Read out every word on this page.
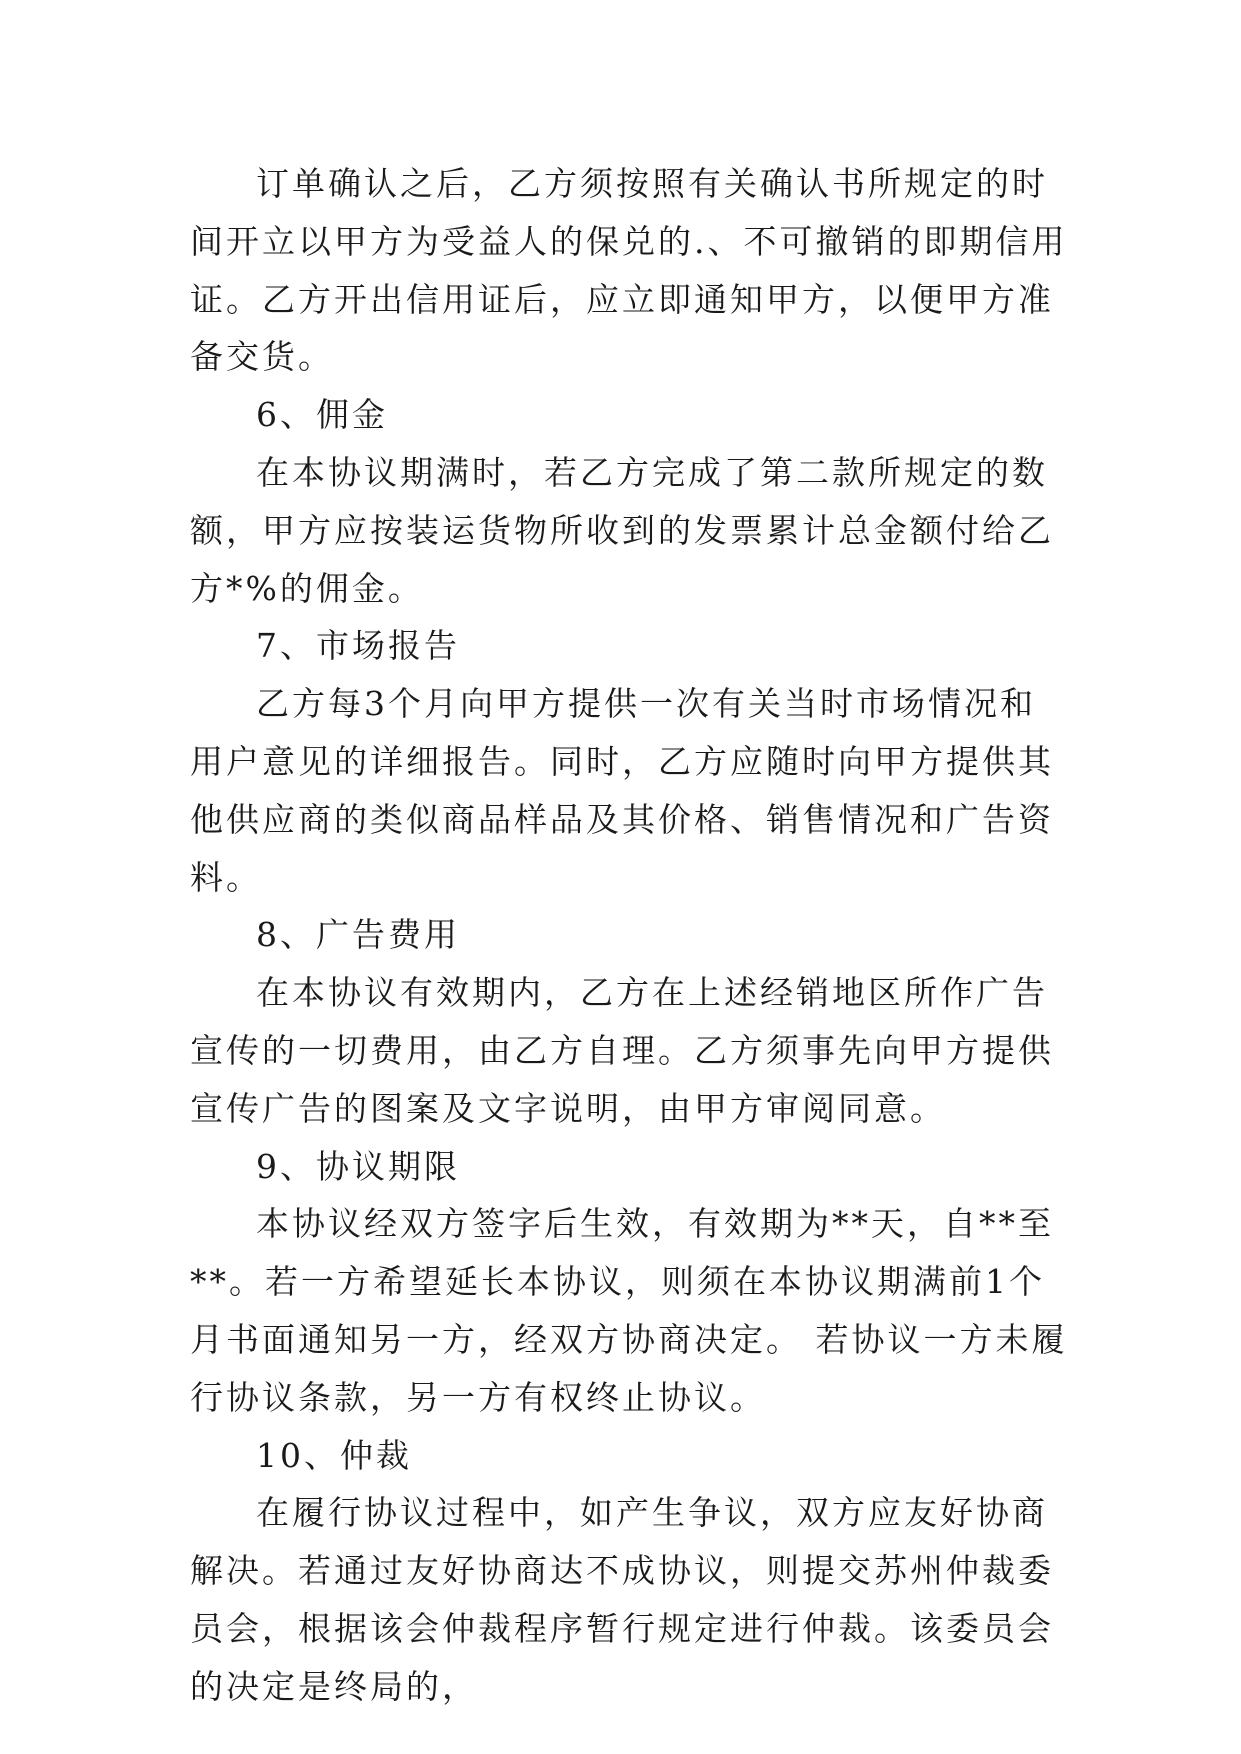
订单确认之后，乙方须按照有关确认书所规定的时间开立以甲方为受益人的保兑的.、不可撤销的即期信用证。乙方开出信用证后，应立即通知甲方，以便甲方准备交货。

6、佣金

在本协议期满时，若乙方完成了第二款所规定的数额，甲方应按装运货物所收到的发票累计总金额付给乙方*%的佣金。

7、市场报告

乙方每3个月向甲方提供一次有关当时市场情况和用户意见的详细报告。同时，乙方应随时向甲方提供其他供应商的类似商品样品及其价格、销售情况和广告资料。

8、广告费用

在本协议有效期内，乙方在上述经销地区所作广告宣传的一切费用，由乙方自理。乙方须事先向甲方提供宣传广告的图案及文字说明，由甲方审阅同意。

9、协议期限

本协议经双方签字后生效，有效期为**天，自**至**。若一方希望延长本协议，则须在本协议期满前1个月书面通知另一方，经双方协商决定。 若协议一方未履行协议条款，另一方有权终止协议。

10、仲裁

在履行协议过程中，如产生争议，双方应友好协商解决。若通过友好协商达不成协议，则提交苏州仲裁委员会，根据该会仲裁程序暂行规定进行仲裁。该委员会的决定是终局的，
